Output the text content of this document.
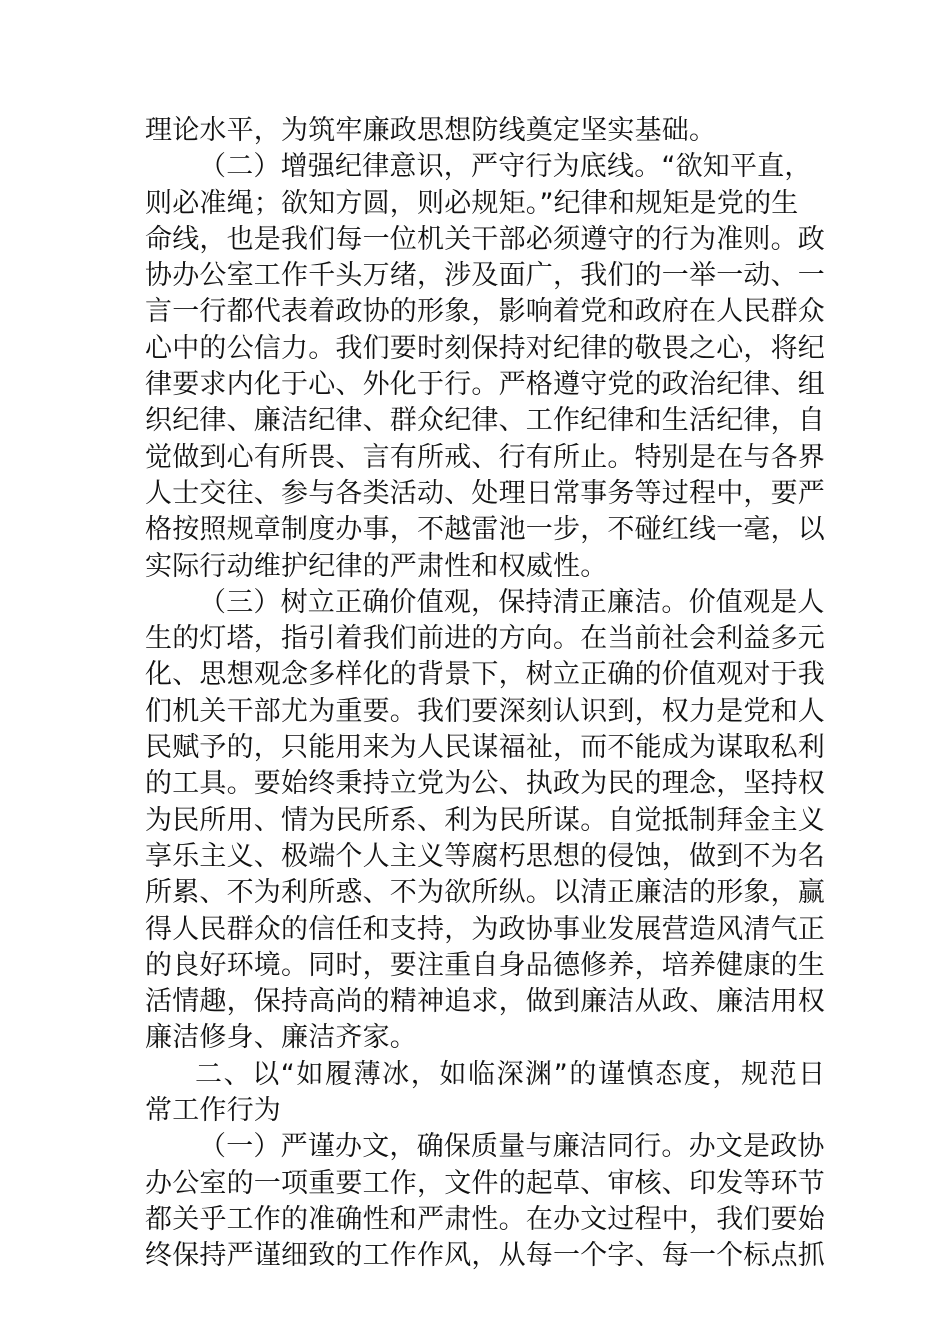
理论水平，为筑牢廉政思想防线奠定坚实基础。
（二）增强纪律意识，严守行为底线。“欲知平直，
则必准绳；欲知方圆，则必规矩。”纪律和规矩是党的生
命线，也是我们每一位机关干部必须遵守的行为准则。政
协办公室工作千头万绪，涉及面广，我们的一举一动、一
言一行都代表着政协的形象，影响着党和政府在人民群众
心中的公信力。我们要时刻保持对纪律的敬畏之心，将纪
律要求内化于心、外化于行。严格遵守党的政治纪律、组
织纪律、廉洁纪律、群众纪律、工作纪律和生活纪律，自
觉做到心有所畏、言有所戒、行有所止。特别是在与各界
人士交往、参与各类活动、处理日常事务等过程中，要严
格按照规章制度办事，不越雷池一步，不碰红线一毫，以
实际行动维护纪律的严肃性和权威性。
（三）树立正确价值观，保持清正廉洁。价值观是人
生的灯塔，指引着我们前进的方向。在当前社会利益多元
化、思想观念多样化的背景下，树立正确的价值观对于我
们机关干部尤为重要。我们要深刻认识到，权力是党和人
民赋予的，只能用来为人民谋福祉，而不能成为谋取私利
的工具。要始终秉持立党为公、执政为民的理念，坚持权
为民所用、情为民所系、利为民所谋。自觉抵制拜金主义
享乐主义、极端个人主义等腐朽思想的侵蚀，做到不为名
所累、不为利所惑、不为欲所纵。以清正廉洁的形象，赢
得人民群众的信任和支持，为政协事业发展营造风清气正
的良好环境。同时，要注重自身品德修养，培养健康的生
活情趣，保持高尚的精神追求，做到廉洁从政、廉洁用权
廉洁修身、廉洁齐家。
二、以“如履薄冰，如临深渊”的谨慎态度，规范日
常工作行为
（一）严谨办文，确保质量与廉洁同行。办文是政协
办公室的一项重要工作，文件的起草、审核、印发等环节
都关乎工作的准确性和严肃性。在办文过程中，我们要始
终保持严谨细致的工作作风，从每一个字、每一个标点抓
